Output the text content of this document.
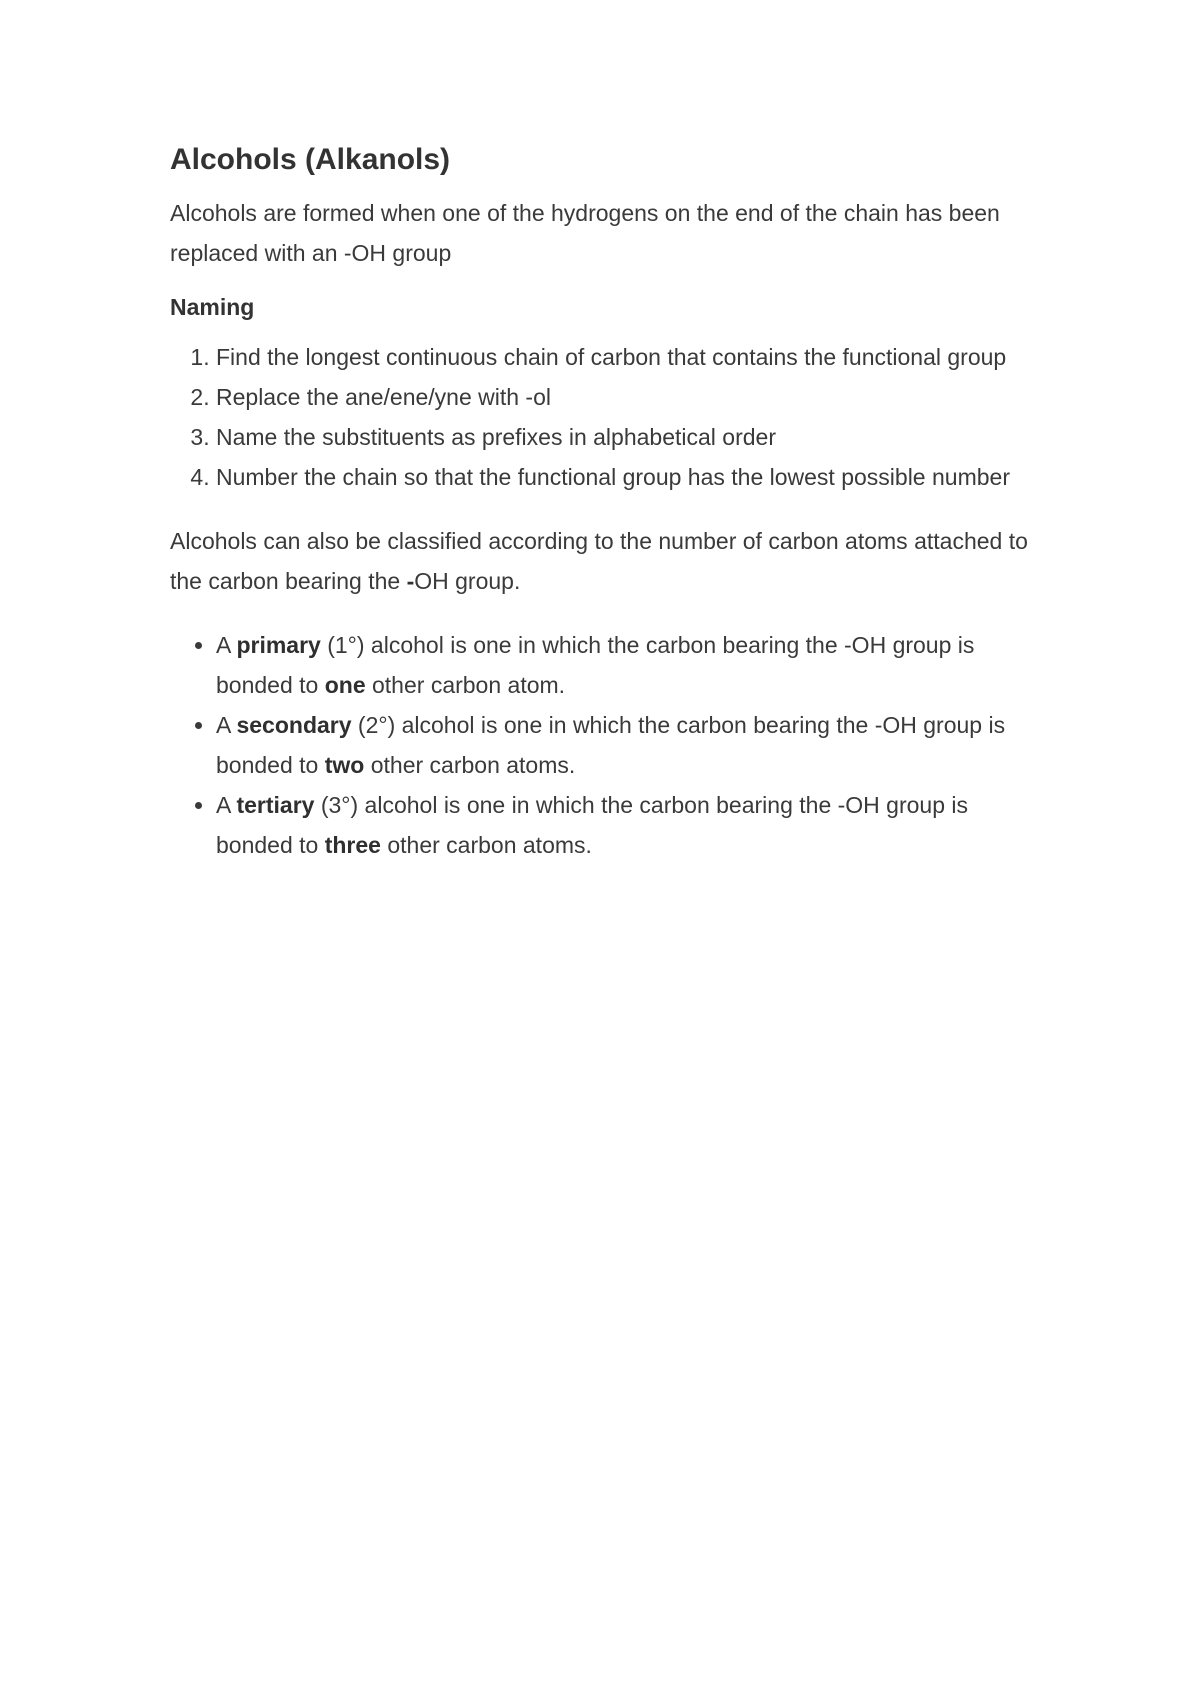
Alcohols (Alkanols)

Alcohols are formed when one of the hydrogens on the end of the chain has been replaced with an -OH group

Naming
1. Find the longest continuous chain of carbon that contains the functional group
2. Replace the ane/ene/yne with -ol
3. Name the substituents as prefixes in alphabetical order
4. Number the chain so that the functional group has the lowest possible number

Alcohols can also be classified according to the number of carbon atoms attached to the carbon bearing the -OH group.

• A primary (1°) alcohol is one in which the carbon bearing the -OH group is bonded to one other carbon atom.
• A secondary (2°) alcohol is one in which the carbon bearing the -OH group is bonded to two other carbon atoms.
• A tertiary (3°) alcohol is one in which the carbon bearing the -OH group is bonded to three other carbon atoms.
